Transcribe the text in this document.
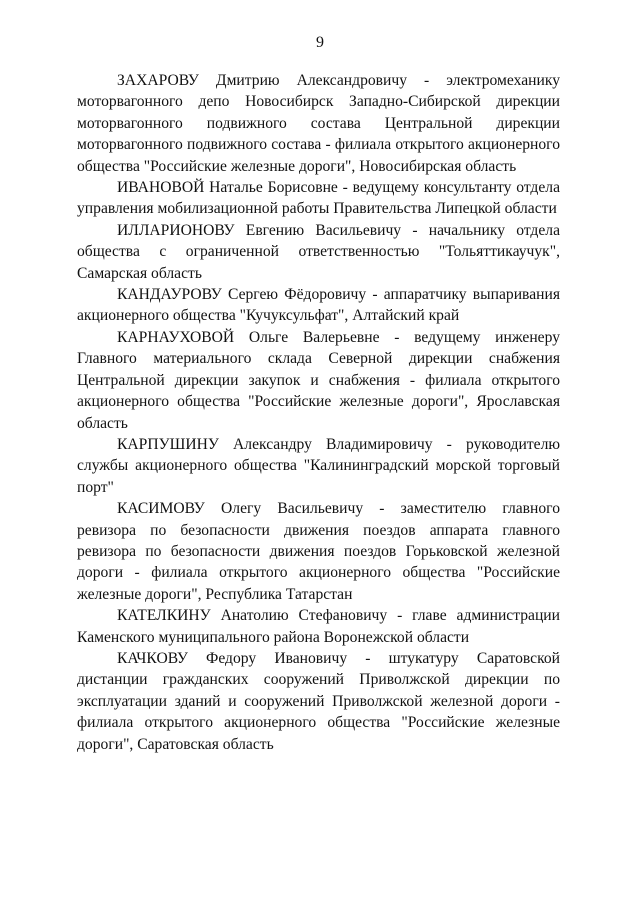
9

ЗАХАРОВУ Дмитрию Александровичу - электромеханику моторвагонного депо Новосибирск Западно-Сибирской дирекции моторвагонного подвижного состава Центральной дирекции моторвагонного подвижного состава - филиала открытого акционерного общества "Российские железные дороги", Новосибирская область

ИВАНОВОЙ Наталье Борисовне - ведущему консультанту отдела управления мобилизационной работы Правительства Липецкой области

ИЛЛАРИОНОВУ Евгению Васильевичу - начальнику отдела общества с ограниченной ответственностью "Тольяттикаучук", Самарская область

КАНДАУРОВУ Сергею Фёдоровичу - аппаратчику выпаривания акционерного общества "Кучуксульфат", Алтайский край

КАРНАУХОВОЙ Ольге Валерьевне - ведущему инженеру Главного материального склада Северной дирекции снабжения Центральной дирекции закупок и снабжения - филиала открытого акционерного общества "Российские железные дороги", Ярославская область

КАРПУШИНУ Александру Владимировичу - руководителю службы акционерного общества "Калининградский морской торговый порт"

КАСИМОВУ Олегу Васильевичу - заместителю главного ревизора по безопасности движения поездов аппарата главного ревизора по безопасности движения поездов Горьковской железной дороги - филиала открытого акционерного общества "Российские железные дороги", Республика Татарстан

КАТЕЛКИНУ Анатолию Стефановичу - главе администрации Каменского муниципального района Воронежской области

КАЧКОВУ Федору Ивановичу - штукатуру Саратовской дистанции гражданских сооружений Приволжской дирекции по эксплуатации зданий и сооружений Приволжской железной дороги - филиала открытого акционерного общества "Российские железные дороги", Саратовская область
